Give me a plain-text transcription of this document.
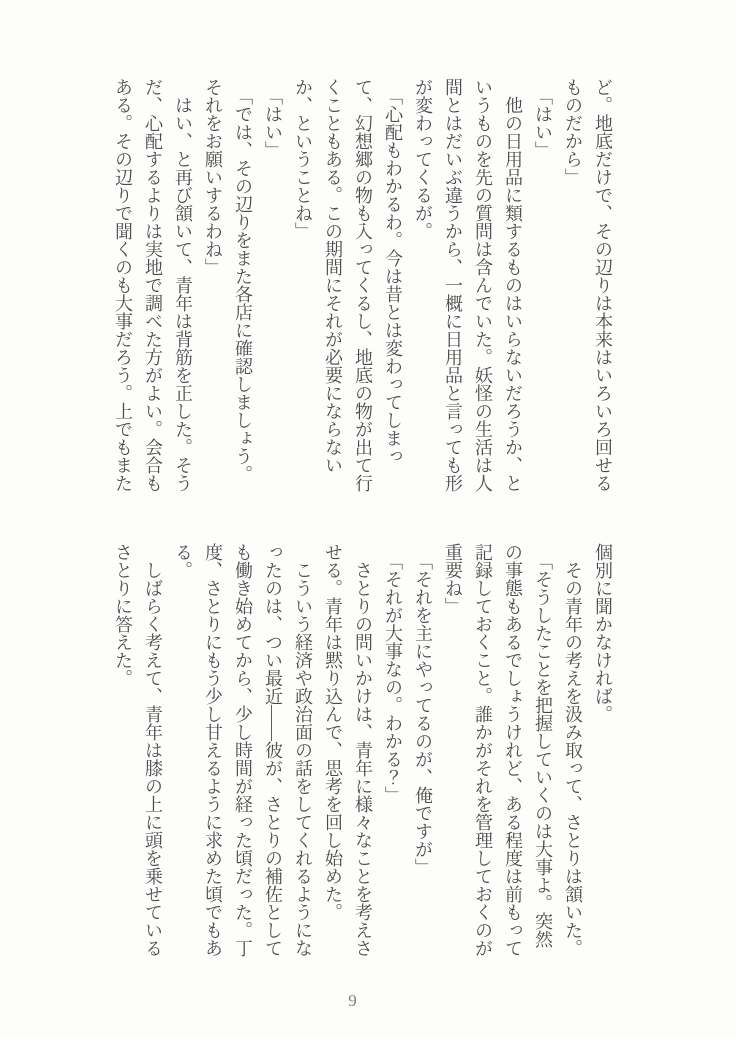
ど。地底だけで、その辺りは本来はいろいろ回せるものだから」

「はい」

他の日用品に類するものはいらないだろうか、というものを先の質問は含んでいた。妖怪の生活は人間とはだいぶ違うから、一概に日用品と言っても形が変わってくるが。

「心配もわかるわ。今は昔とは変わってしまって、幻想郷の物も入ってくるし、地底の物が出て行くこともある。この期間にそれが必要にならないか、ということね」

「はい」

「では、その辺りをまた各店に確認しましょう。それをお願いするわね」

はい、と再び頷いて、青年は背筋を正した。そうだ、心配するよりは実地で調べた方がよい。会合もある。その辺りで聞くのも大事だろう。上でもまた

個別に聞かなければ。

その青年の考えを汲み取って、さとりは頷いた。

「そうしたことを把握していくのは大事よ。突然の事態もあるでしょうけれど、ある程度は前もって記録しておくこと。誰かがそれを管理しておくのが重要ね」

「それを主にやってるのが、俺ですが」

「それが大事なの。わかる？」

さとりの問いかけは、青年に様々なことを考えさせる。青年は黙り込んで、思考を回し始めた。

こういう経済や政治面の話をしてくれるようになったのは、つい最近――彼が、さとりの補佐としても働き始めてから、少し時間が経った頃だった。丁度、さとりにもう少し甘えるように求めた頃でもある。

しばらく考えて、青年は膝の上に頭を乗せているさとりに答えた。

9
